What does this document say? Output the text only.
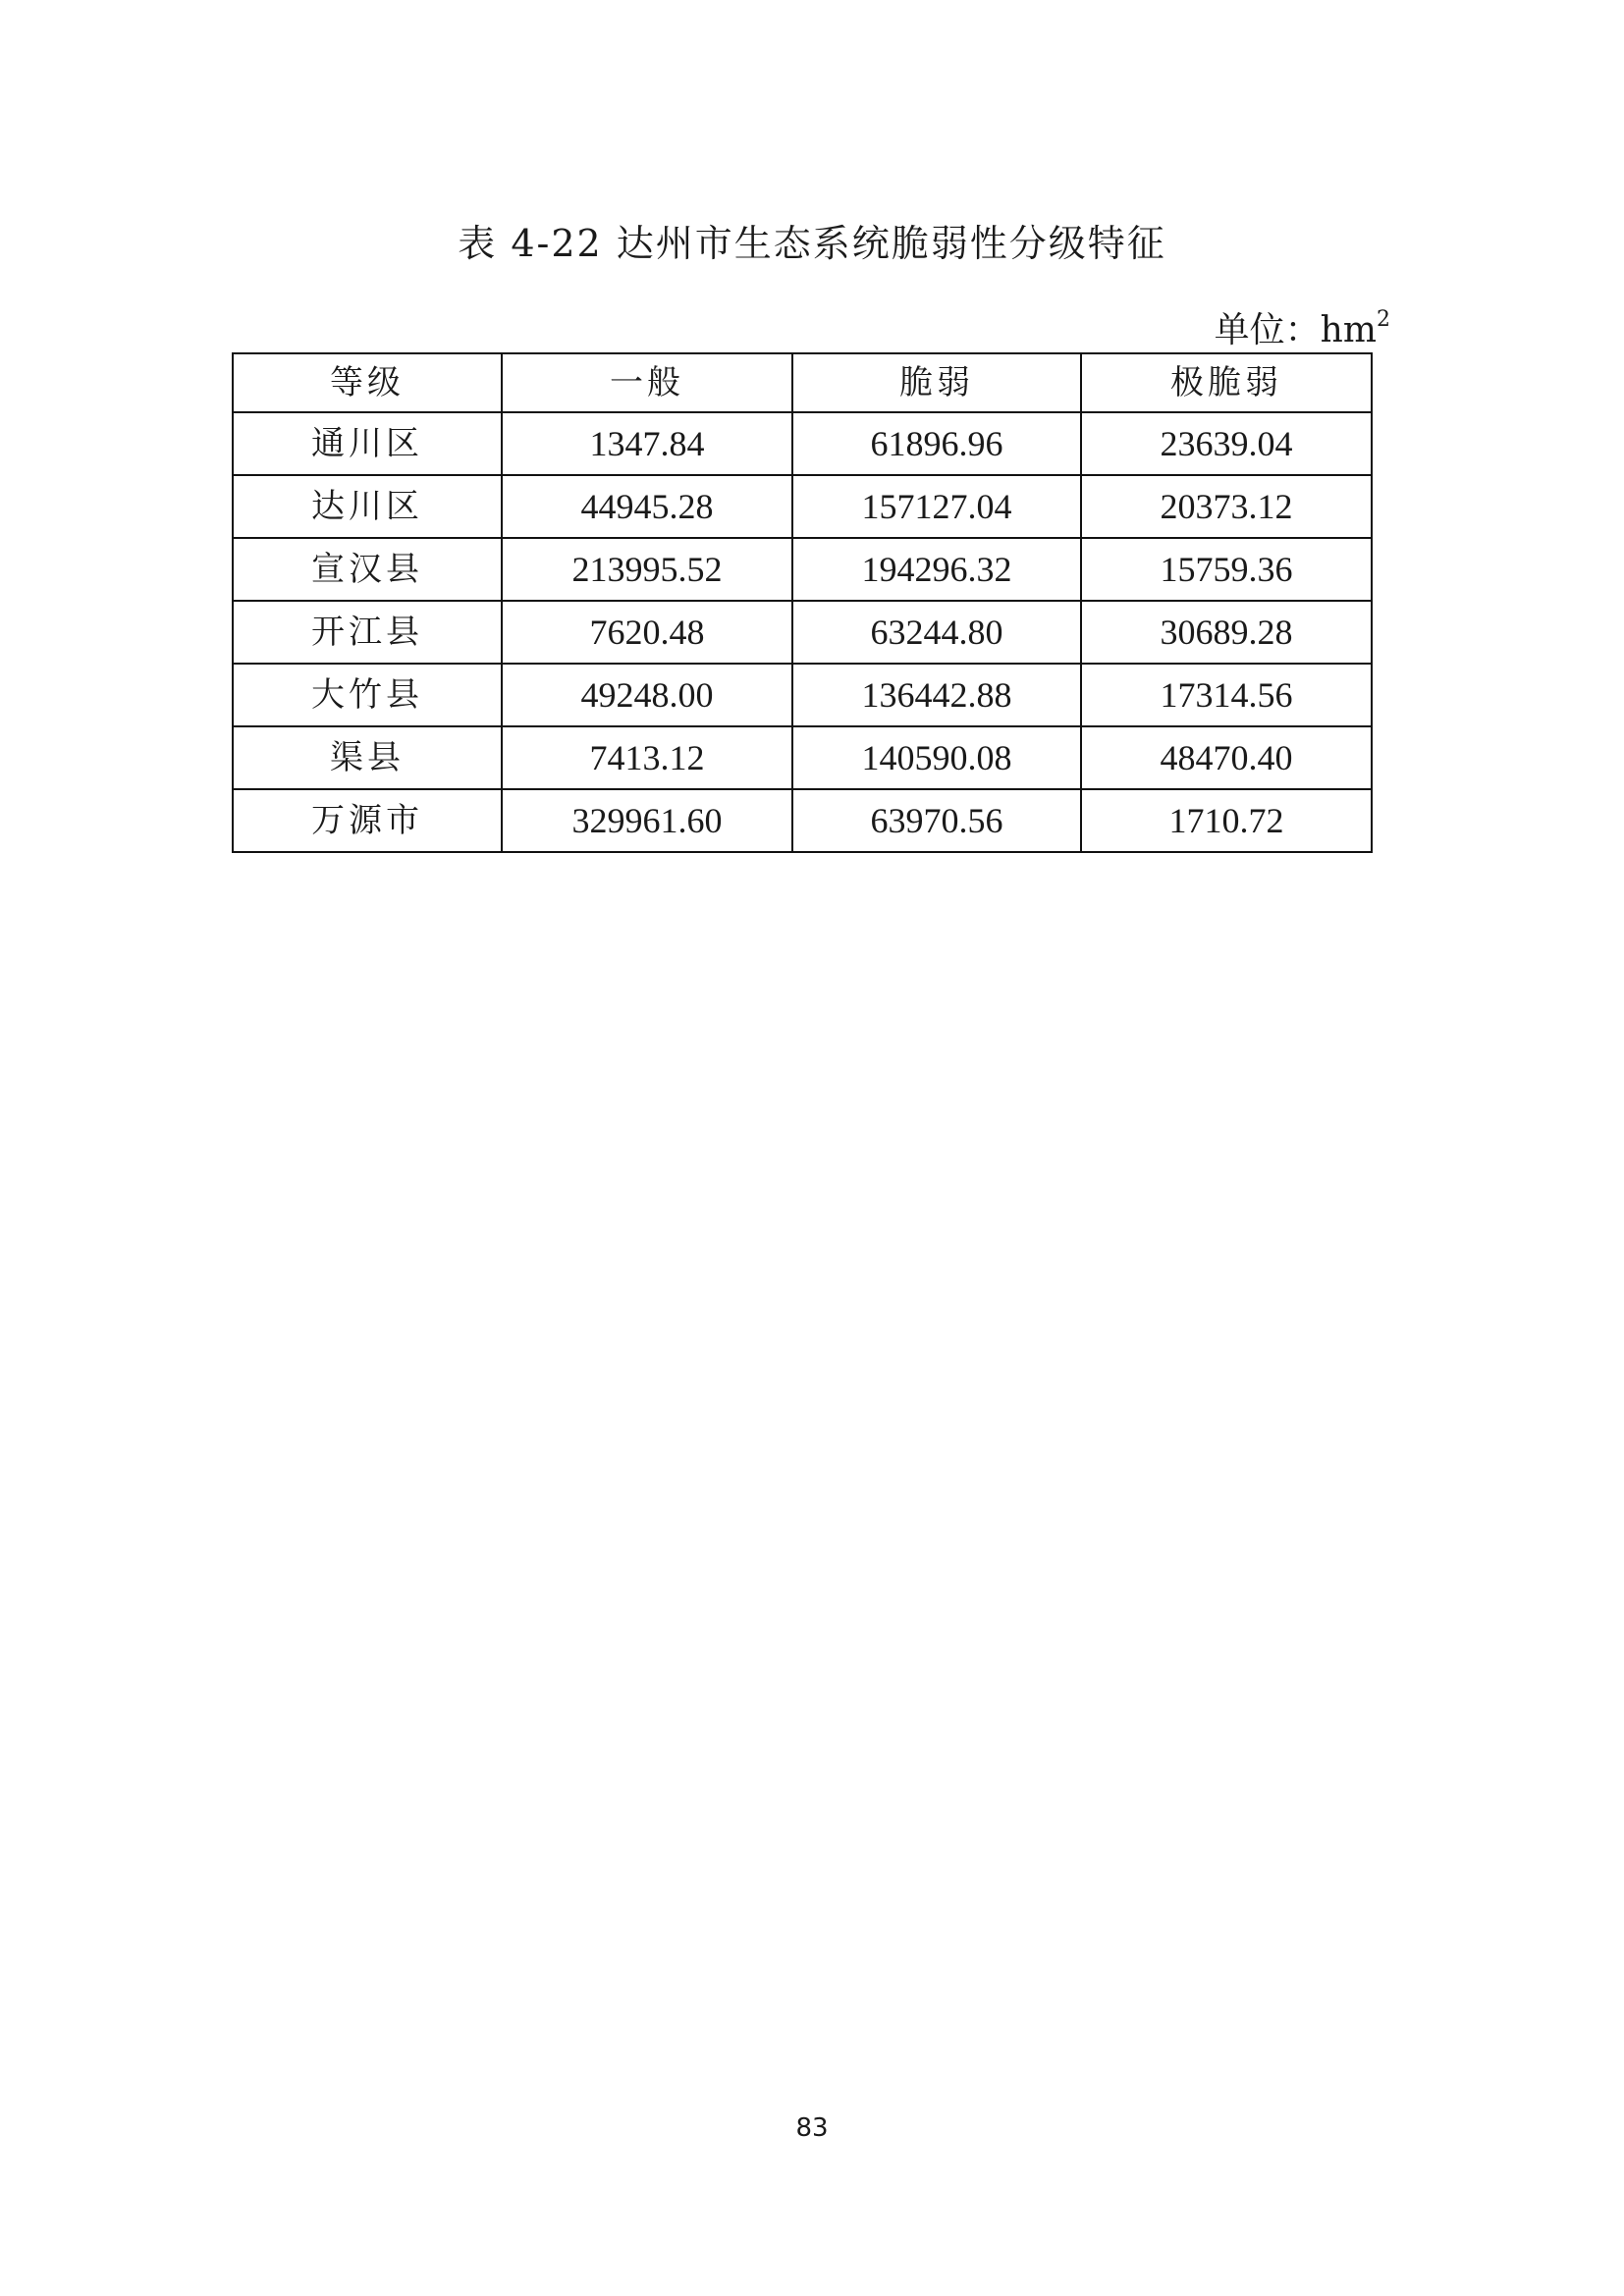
表 4-22 达州市生态系统脆弱性分级特征
单位：$hm^2$
等级	一般	脆弱	极脆弱
通川区	1347.84	61896.96	23639.04
达川区	44945.28	157127.04	20373.12
宣汉县	213995.52	194296.32	15759.36
开江县	7620.48	63244.80	30689.28
大竹县	49248.00	136442.88	17314.56
渠县	7413.12	140590.08	48470.40
万源市	329961.60	63970.56	1710.72
83
